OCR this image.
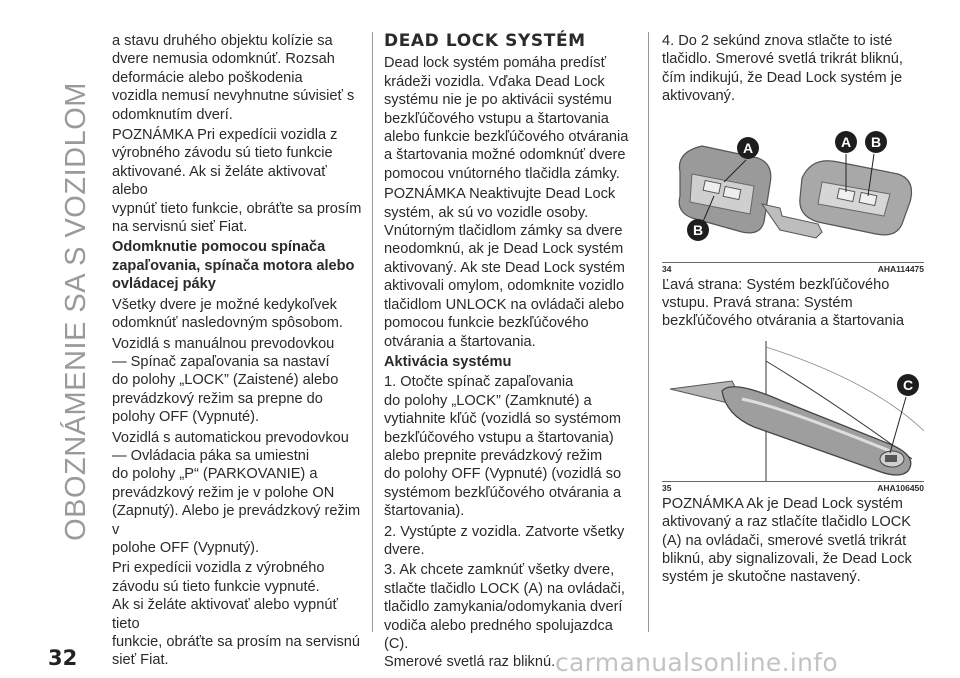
OBOZNÁMENIE SA S VOZIDLOM

a stavu druhého objektu kolízie sa
dvere nemusia odomknúť. Rozsah
deformácie alebo poškodenia
vozidla nemusí nevyhnutne súvisieť s
odomknutím dverí.

POZNÁMKA Pri expedícii vozidla z
výrobného závodu sú tieto funkcie
aktivované. Ak si želáte aktivovať alebo
vypnúť tieto funkcie, obráťte sa prosím
na servisnú sieť Fiat.

Odomknutie pomocou spínača
zapaľovania, spínača motora alebo
ovládacej páky

Všetky dvere je možné kedykoľvek
odomknúť nasledovným spôsobom.

Vozidlá s manuálnou prevodovkou
— Spínač zapaľovania sa nastaví
do polohy „LOCK” (Zaistené) alebo
prevádzkový režim sa prepne do
polohy OFF (Vypnuté).

Vozidlá s automatickou prevodovkou
— Ovládacia páka sa umiestni
do polohy „P“ (PARKOVANIE) a
prevádzkový režim je v polohe ON
(Zapnutý). Alebo je prevádzkový režim v
polohe OFF (Vypnutý).

Pri expedícii vozidla z výrobného
závodu sú tieto funkcie vypnuté.
Ak si želáte aktivovať alebo vypnúť tieto
funkcie, obráťte sa prosím na servisnú
sieť Fiat.

DEAD LOCK SYSTÉM

Dead lock systém pomáha predísť
krádeži vozidla. Vďaka Dead Lock
systému nie je po aktivácii systému
bezkľúčového vstupu a štartovania
alebo funkcie bezkľúčového otvárania
a štartovania možné odomknúť dvere
pomocou vnútorného tlačidla zámky.

POZNÁMKA Neaktivujte Dead Lock
systém, ak sú vo vozidle osoby.
Vnútorným tlačidlom zámky sa dvere
neodomknú, ak je Dead Lock systém
aktivovaný. Ak ste Dead Lock systém
aktivovali omylom, odomknite vozidlo
tlačidlom UNLOCK na ovládači alebo
pomocou funkcie bezkľúčového
otvárania a štartovania.

Aktivácia systému

1. Otočte spínač zapaľovania
do polohy „LOCK” (Zamknuté) a
vytiahnite kľúč (vozidlá so systémom
bezkľúčového vstupu a štartovania)
alebo prepnite prevádzkový režim
do polohy OFF (Vypnuté) (vozidlá so
systémom bezkľúčového otvárania a
štartovania).

2. Vystúpte z vozidla. Zatvorte všetky
dvere.

3. Ak chcete zamknúť všetky dvere,
stlačte tlačidlo LOCK (A) na ovládači,
tlačidlo zamykania/odomykania dverí
vodiča alebo predného spolujazdca (C).
Smerové svetlá raz bliknú.

4. Do 2 sekúnd znova stlačte to isté
tlačidlo. Smerové svetlá trikrát bliknú,
čím indikujú, že Dead Lock systém je
aktivovaný.

A
B
A B
34	AHA114475

Ľavá strana: Systém bezkľúčového
vstupu. Pravá strana: Systém
bezkľúčového otvárania a štartovania

C
35	AHA106450

POZNÁMKA Ak je Dead Lock systém
aktivovaný a raz stlačíte tlačidlo LOCK
(A) na ovládači, smerové svetlá trikrát
bliknú, aby signalizovali, že Dead Lock
systém je skutočne nastavený.

32	carmanualsonline.info
